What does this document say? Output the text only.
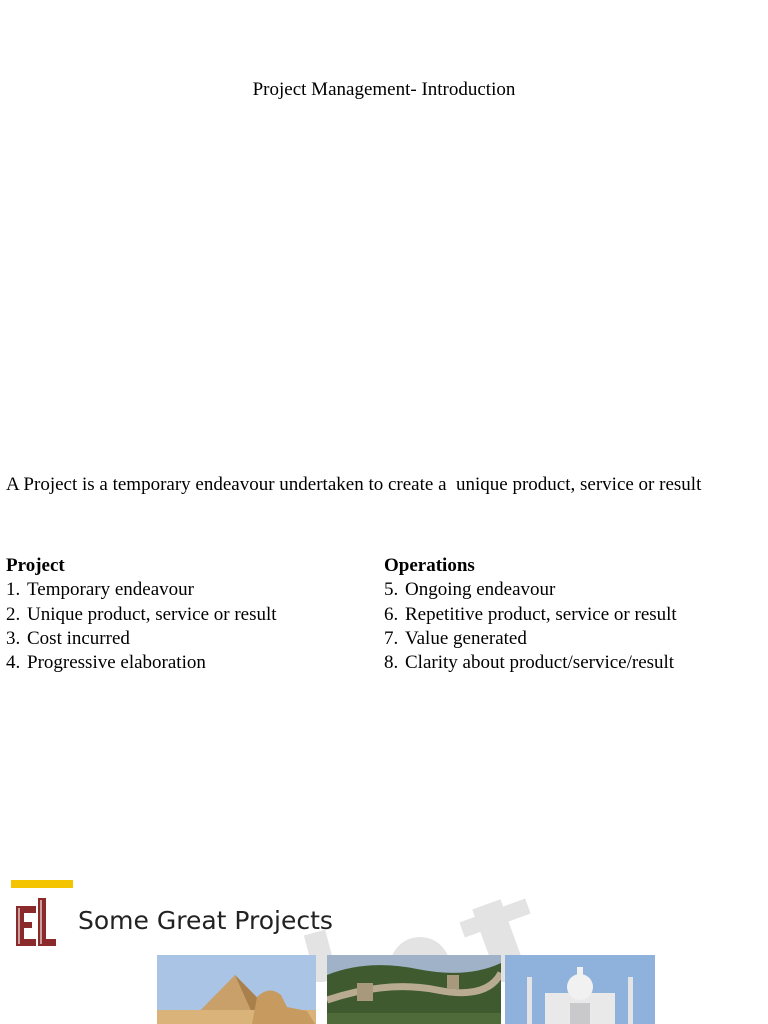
Project Management- Introduction
A Project is a temporary endeavour undertaken to create a  unique product, service or result
Project
1. Temporary endeavour
2. Unique product, service or result
3. Cost incurred
4. Progressive elaboration
Operations
5. Ongoing endeavour
6. Repetitive product, service or result
7. Value generated
8. Clarity about product/service/result
Some Great Projects
